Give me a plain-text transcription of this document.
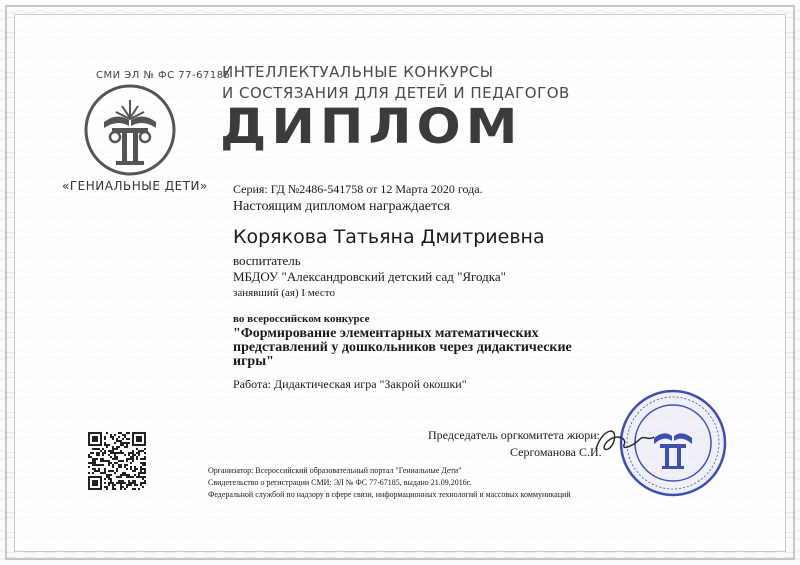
СМИ ЭЛ № ФС 77-67185
«ГЕНИАЛЬНЫЕ ДЕТИ»
ИНТЕЛЛЕКТУАЛЬНЫЕ КОНКУРСЫ
И СОСТЯЗАНИЯ ДЛЯ ДЕТЕЙ И ПЕДАГОГОВ
ДИПЛОМ
Серия: ГД №2486-541758 от 12 Марта 2020 года.
Настоящим дипломом награждается
Корякова Татьяна Дмитриевна
воспитатель
МБДОУ "Александровский детский сад "Ягодка"
занявший (ая) I место
во всероссийском конкурсе
"Формирование элементарных математических представлений у дошкольников через дидактические игры"
Работа: Дидактическая игра "Закрой окошки"
Председатель оргкомитета жюри:
Сергоманова С.И.
Организатор: Всероссийский образовательный портал "Гениальные Дети"
Свидетельство о регистрации СМИ: ЭЛ № ФС 77-67185, выдано 21.09.2016г.
Федеральной службой по надзору в сфере связи, информационных технологий и массовых коммуникаций
